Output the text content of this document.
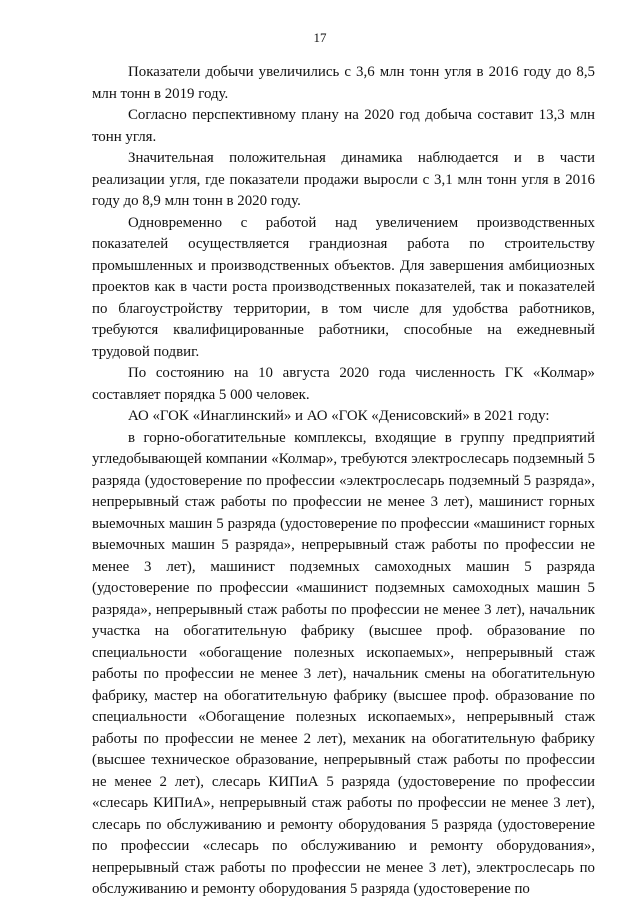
17

Показатели добычи увеличились с 3,6 млн тонн угля в 2016 году до 8,5 млн тонн в 2019 году.

Согласно перспективному плану на 2020 год добыча составит 13,3 млн тонн угля.

Значительная положительная динамика наблюдается и в части реализации угля, где показатели продажи выросли с 3,1 млн тонн угля в 2016 году до 8,9 млн тонн в 2020 году.

Одновременно с работой над увеличением производственных показателей осуществляется грандиозная работа по строительству промышленных и производственных объектов. Для завершения амбициозных проектов как в части роста производственных показателей, так и показателей по благоустройству территории, в том числе для удобства работников, требуются квалифицированные работники, способные на ежедневный трудовой подвиг.

По состоянию на 10 августа 2020 года численность ГК «Колмар» составляет порядка 5 000 человек.

АО «ГОК «Инаглинский» и АО «ГОК «Денисовский» в 2021 году:

в горно-обогатительные комплексы, входящие в группу предприятий угледобывающей компании «Колмар», требуются электрослесарь подземный 5 разряда (удостоверение по профессии «электрослесарь подземный 5 разряда», непрерывный стаж работы по профессии не менее 3 лет), машинист горных выемочных машин 5 разряда (удостоверение по профессии «машинист горных выемочных машин 5 разряда», непрерывный стаж работы по профессии не менее 3 лет), машинист подземных самоходных машин 5 разряда (удостоверение по профессии «машинист подземных самоходных машин 5 разряда», непрерывный стаж работы по профессии не менее 3 лет), начальник участка на обогатительную фабрику (высшее проф. образование по специальности «обогащение полезных ископаемых», непрерывный стаж работы по профессии не менее 3 лет), начальник смены на обогатительную фабрику, мастер на обогатительную фабрику (высшее проф. образование по специальности «Обогащение полезных ископаемых», непрерывный стаж работы по профессии не менее 2 лет), механик на обогатительную фабрику (высшее техническое образование, непрерывный стаж работы по профессии не менее 2 лет), слесарь КИПиА 5 разряда (удостоверение по профессии «слесарь КИПиА», непрерывный стаж работы по профессии не менее 3 лет), слесарь по обслуживанию и ремонту оборудования 5 разряда (удостоверение по профессии «слесарь по обслуживанию и ремонту оборудования», непрерывный стаж работы по профессии не менее 3 лет), электрослесарь по обслуживанию и ремонту оборудования 5 разряда (удостоверение по
